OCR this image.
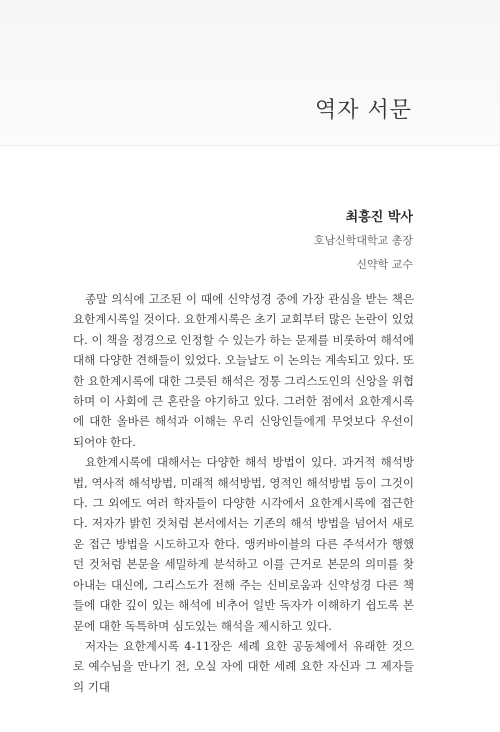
역자 서문

최흥진 박사

호남신학대학교 총장

신약학 교수

종말 의식에 고조된 이 때에 신약성경 중에 가장 관심을 받는 책은 요한계시록일 것이다. 요한계시록은 초기 교회부터 많은 논란이 있었다. 이 책을 정경으로 인정할 수 있는가 하는 문제를 비롯하여 해석에 대해 다양한 견해들이 있었다. 오늘날도 이 논의는 계속되고 있다. 또한 요한계시록에 대한 그릇된 해석은 정통 그리스도인의 신앙을 위협하며 이 사회에 큰 혼란을 야기하고 있다. 그러한 점에서 요한계시록에 대한 올바른 해석과 이해는 우리 신앙인들에게 무엇보다 우선이 되어야 한다.

요한계시록에 대해서는 다양한 해석 방법이 있다. 과거적 해석방법, 역사적 해석방법, 미래적 해석방법, 영적인 해석방법 등이 그것이다. 그 외에도 여러 학자들이 다양한 시각에서 요한계시록에 접근한다. 저자가 밝힌 것처럼 본서에서는 기존의 해석 방법을 넘어서 새로운 접근 방법을 시도하고자 한다. 앵커바이블의 다른 주석서가 행했던 것처럼 본문을 세밀하게 분석하고 이를 근거로 본문의 의미를 찾아내는 대신에, 그리스도가 전해 주는 신비로움과 신약성경 다른 책들에 대한 깊이 있는 해석에 비추어 일반 독자가 이해하기 쉽도록 본문에 대한 독특하며 심도있는 해석을 제시하고 있다.

저자는 요한계시록 4-11장은 세례 요한 공동체에서 유래한 것으로 예수님을 만나기 전, 오실 자에 대한 세례 요한 자신과 그 제자들의 기대
